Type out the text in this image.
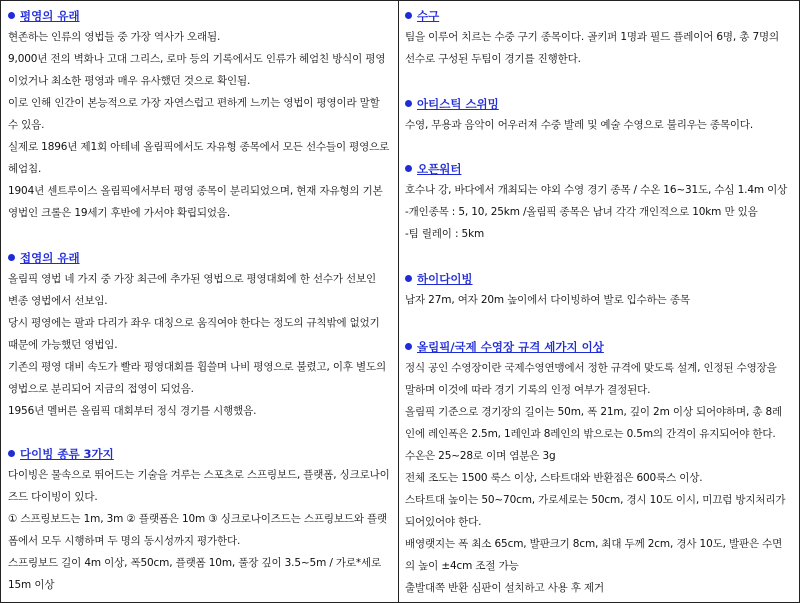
평영의 유래
현존하는 인류의 영법들 중 가장 역사가 오래됨.
9,000년 전의 벽화나 고대 그리스, 로마 등의 기록에서도 인류가 헤엄친 방식이 평영
이었거나 최소한 평영과 매우 유사했던 것으로 확인됨.
이로 인해 인간이 본능적으로 가장 자연스럽고 편하게 느끼는 영법이 평영이라 말할
수 있음.
실제로 1896년 제1회 아테네 올림픽에서도 자유형 종목에서 모든 선수들이 평영으로
헤엄침.
1904년 센트루이스 올림픽에서부터 평영 종목이 분리되었으며, 현재 자유형의 기본
영법인 크롤은 19세기 후반에 가서야 확립되었음.
접영의 유래
올림픽 영법 네 가지 중 가장 최근에 추가된 영법으로 평영대회에 한 선수가 선보인
변종 영법에서 선보임.
당시 평영에는 팔과 다리가 좌우 대칭으로 움직여야 한다는 정도의 규칙밖에 없었기
때문에 가능했던 영법임.
기존의 평영 대비 속도가 빨라 평영대회를 휩쓸며 나비 평영으로 불렸고, 이후 별도의
영법으로 분리되어 지금의 접영이 되었음.
1956년 멜버른 올림픽 대회부터 정식 경기를 시행했음.
다이빙 종류 3가지
다이빙은 물속으로 뛰어드는 기술을 겨루는 스포츠로 스프링보드, 플랫폼, 싱크로나이
즈드 다이빙이 있다.
① 스프링보드는 1m, 3m ② 플랫폼은 10m ③ 싱크로나이즈드는 스프링보드와 플랫
폼에서 모두 시행하며 두 명의 동시성까지 평가한다.
스프링보드 길이 4m 이상, 폭50cm, 플랫폼 10m, 풀장 깊이 3.5~5m / 가로*세로
15m 이상
수구
팀을 이루어 치르는 수중 구기 종목이다. 골키퍼 1명과 필드 플레이어 6명, 총 7명의
선수로 구성된 두팀이 경기를 진행한다.
아티스틱 스위밍
수영, 무용과 음악이 어우러져 수중 발레 및 예술 수영으로 불리우는 종목이다.
오픈워터
호수나 강, 바다에서 개최되는 야외 수영 경기 종목 / 수온 16~31도, 수심 1.4m 이상
-개인종목 : 5, 10, 25km /올림픽 종목은 남녀 각각 개인적으로 10km 만 있음
-팀 릴레이 : 5km
하이다이빙
남자 27m, 여자 20m 높이에서 다이빙하여 발로 입수하는 종목
올림픽/국제 수영장 규격 세가지 이상
정식 공인 수영장이란 국제수영연맹에서 정한 규격에 맞도록 설계, 인정된 수영장을
말하며 이것에 따라 경기 기록의 인정 여부가 결정된다.
올림픽 기준으로 경기장의 길이는 50m, 폭 21m, 깊이 2m 이상 되어야하며, 총 8레
인에 레인폭은 2.5m, 1레인과 8레인의 밖으로는 0.5m의 간격이 유지되어야 한다.
수온은 25~28로 이며 염분은 3g
전체 조도는 1500 룩스 이상, 스타트대와 반환점은 600룩스 이상.
스타트대 높이는 50~70cm, 가로세로는 50cm, 경시 10도 이시, 미끄럼 방지처리가
되어있어야 한다.
배영랫지는 폭 최소 65cm, 발판크기 8cm, 최대 두께 2cm, 경사 10도, 발판은 수면
의 높이 ±4cm 조절 가능
출발대쪽 반환 심판이 설치하고 사용 후 제거
